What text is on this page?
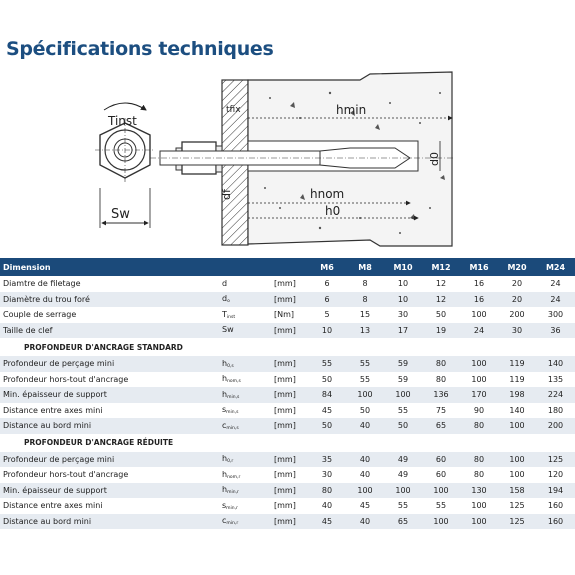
Spécifications techniques
Tinst
Sw
hmin
tfix
hnom
h0
d0
df
Dimension			M6	M8	M10	M12	M16	M20	M24
Diamtre de filetage	d	[mm]	6	8	10	12	16	20	24
Diamètre du trou foré	$d_o$	[mm]	6	8	10	12	16	20	24
Couple de serrage	$T_{inst}$	[Nm]	5	15	30	50	100	200	300
Taille de clef	Sw	[mm]	10	13	17	19	24	30	36
PROFONDEUR D'ANCRAGE STANDARD									
Profondeur de perçage mini	$h_{0,s}$	[mm]	55	55	59	80	100	119	140
Profondeur hors-tout d'ancrage	$h_{nom,s}$	[mm]	50	55	59	80	100	119	135
Min. épaisseur de support	$h_{min,s}$	[mm]	84	100	100	136	170	198	224
Distance entre axes mini	$s_{min,s}$	[mm]	45	50	55	75	90	140	180
Distance au bord mini	$c_{min,s}$	[mm]	50	40	50	65	80	100	200
PROFONDEUR D'ANCRAGE RÉDUITE									
Profondeur de perçage mini	$h_{0,r}$	[mm]	35	40	49	60	80	100	125
Profondeur hors-tout d'ancrage	$h_{nom,r}$	[mm]	30	40	49	60	80	100	120
Min. épaisseur de support	$h_{min,r}$	[mm]	80	100	100	100	130	158	194
Distance entre axes mini	$s_{min,r}$	[mm]	40	45	55	55	100	125	160
Distance au bord mini	$c_{min,r}$	[mm]	45	40	65	100	100	125	160
